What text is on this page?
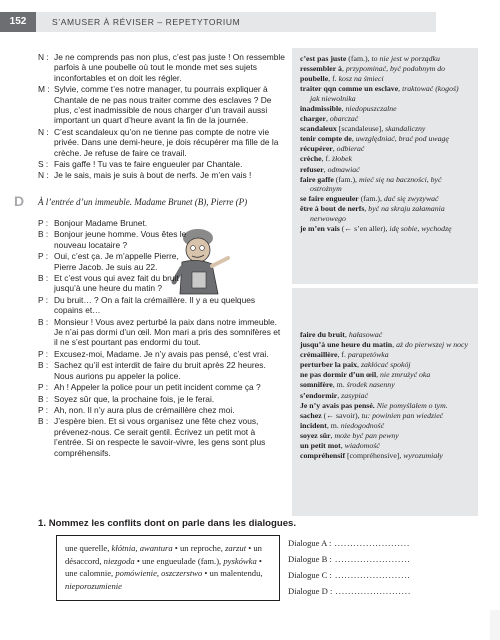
152	S’AMUSER À RÉVISER – REPETYTORIUM
N : Je ne comprends pas non plus, c’est pas juste ! On ressemble parfois à une poubelle où tout le monde met ses sujets inconfortables et on doit les régler.
M : Sylvie, comme t’es notre manager, tu pourrais expliquer à Chantale de ne pas nous traiter comme des esclaves ? De plus, c’est inadmissible de nous charger d’un travail aussi important un quart d’heure avant la fin de la journée.
N : C’est scandaleux qu’on ne tienne pas compte de notre vie privée. Dans une demi-heure, je dois récupérer ma fille de la crèche. Je refuse de faire ce travail.
S : Fais gaffe ! Tu vas te faire engueuler par Chantale.
N : Je le sais, mais je suis à bout de nerfs. Je m’en vais !
D	À l’entrée d’un immeuble. Madame Brunet (B), Pierre (P)
P : Bonjour Madame Brunet.
B : Bonjour jeune homme. Vous êtes le nouveau locataire ?
P : Oui, c’est ça. Je m’appelle Pierre, Pierre Jacob. Je suis au 22.
B : Et c’est vous qui avez fait du bruit jusqu’à une heure du matin ?
P : Du bruit… ? On a fait la crémaillère. Il y a eu quelques copains et…
B : Monsieur ! Vous avez perturbé la paix dans notre immeuble. Je n’ai pas dormi d’un œil. Mon mari a pris des somnifères et il ne s’est pourtant pas endormi du tout.
P : Excusez-moi, Madame. Je n’y avais pas pensé, c’est vrai.
B : Sachez qu’il est interdit de faire du bruit après 22 heures. Nous aurions pu appeler la police.
P : Ah ! Appeler la police pour un petit incident comme ça ?
B : Soyez sûr que, la prochaine fois, je le ferai.
P : Ah, non. Il n’y aura plus de crémaillère chez moi.
B : J’espère bien. Et si vous organisez une fête chez vous, prévenez-nous. Ce serait gentil. Écrivez un petit mot à l’entrée. Si on respecte le savoir-vivre, les gens sont plus compréhensifs.
c’est pas juste (fam.), to nie jest w porządku
ressembler à, przypominać, być podobnym do
poubelle, f. kosz na śmieci
traiter qqn comme un esclave, traktować (kogoś) jak niewolnika
inadmissible, niedopuszczalne
charger, obarczać
scandaleux [scandaleuse], skandaliczny
tenir compte de, uwzględniać, brać pod uwagę
récupérer, odbierać
crèche, f. żłobek
refuser, odmawiać
faire gaffe (fam.), mieć się na baczności, być ostrożnym
se faire engueuler (fam.), dać się zwyzywać
être à bout de nerfs, być na skraju załamania nerwowego
je m’en vais (← s’en aller), idę sobie, wychodzę
faire du bruit, hałasować
jusqu’à une heure du matin, aż do pierwszej w nocy
crémaillère, f. parapetówka
perturber la paix, zakłócać spokój
ne pas dormir d’un œil, nie zmrużyć oka
somnifère, m. środek nasenny
s’endormir, zasypiać
Je n’y avais pas pensé. Nie pomyślałem o tym.
sachez (← savoir), tu: powinien pan wiedzieć
incident, m. niedogodność
soyez sûr, może być pan pewny
un petit mot, wiadomość
compréhensif [compréhensive], wyrozumiały
1. Nommez les conflits dont on parle dans les dialogues.
une querelle, kłótnia, awantura • un reproche, zarzut • un désaccord, niezgoda • une engueulade (fam.), pyskówka • une calomnie, pomówienie, oszczerstwo • un malentendu, nieporozumienie
Dialogue A : ........................
Dialogue B : ........................
Dialogue C : ........................
Dialogue D : ........................
